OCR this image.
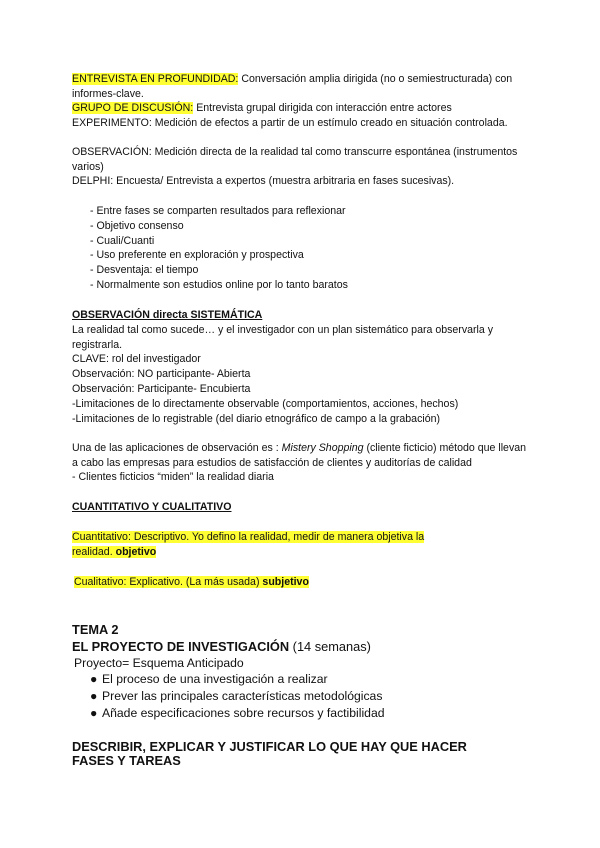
ENTREVISTA EN PROFUNDIDAD: Conversación amplia dirigida (no o semiestructurada) con informes-clave.
GRUPO DE DISCUSIÓN: Entrevista grupal dirigida con interacción entre actores
EXPERIMENTO: Medición de efectos a partir de un estímulo creado en situación controlada.
OBSERVACIÓN: Medición directa de la realidad tal como transcurre espontánea (instrumentos varios)
DELPHI: Encuesta/ Entrevista a expertos (muestra arbitraria en fases sucesivas).
- Entre fases se comparten resultados para reflexionar
- Objetivo consenso
- Cuali/Cuanti
- Uso preferente en exploración y prospectiva
- Desventaja: el tiempo
- Normalmente son estudios online por lo tanto baratos
OBSERVACIÓN directa SISTEMÁTICA
La realidad tal como sucede… y el investigador con un plan sistemático para observarla y registrarla.
CLAVE: rol del investigador
Observación: NO participante- Abierta
Observación: Participante- Encubierta
-Limitaciones de lo directamente observable (comportamientos, acciones, hechos)
-Limitaciones de lo registrable (del diario etnográfico de campo a la grabación)
Una de las aplicaciones de observación es : Mistery Shopping (cliente ficticio) método que llevan a cabo las empresas para estudios de satisfacción de clientes y auditorías de calidad
- Clientes ficticios “miden” la realidad diaria
CUANTITATIVO Y CUALITATIVO
Cuantitativo: Descriptivo. Yo defino la realidad, medir de manera objetiva la realidad. objetivo
Cualitativo: Explicativo. (La más usada) subjetivo
TEMA 2
EL PROYECTO DE INVESTIGACIÓN (14 semanas)
Proyecto= Esquema Anticipado
● El proceso de una investigación a realizar
● Prever las principales características metodológicas
● Añade especificaciones sobre recursos y factibilidad
DESCRIBIR, EXPLICAR Y JUSTIFICAR LO QUE HAY QUE HACER
FASES Y TAREAS
